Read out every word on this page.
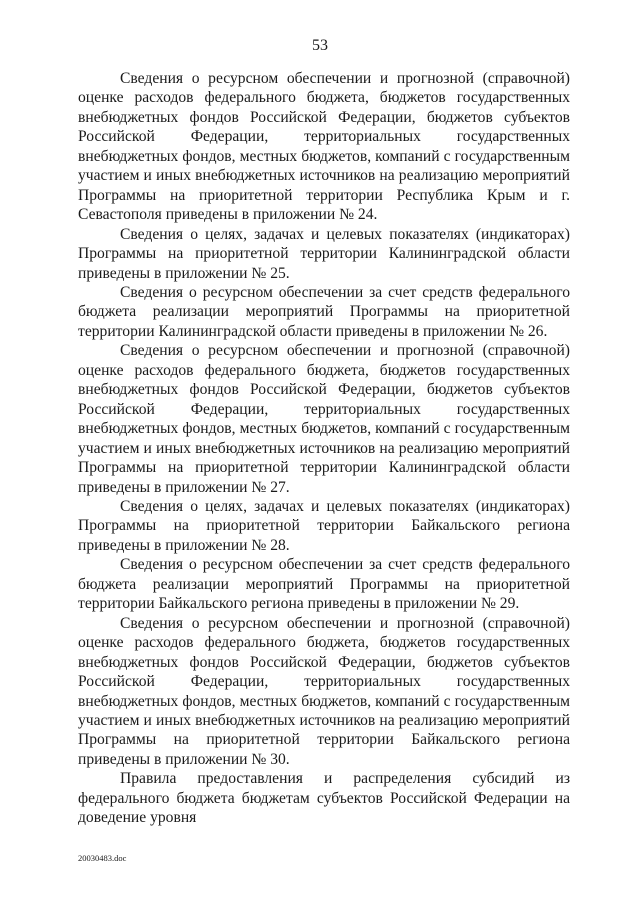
53

Сведения о ресурсном обеспечении и прогнозной (справочной) оценке расходов федерального бюджета, бюджетов государственных внебюджетных фондов Российской Федерации, бюджетов субъектов Российской Федерации, территориальных государственных внебюджетных фондов, местных бюджетов, компаний с государственным участием и иных внебюджетных источников на реализацию мероприятий Программы на приоритетной территории Республика Крым и г. Севастополя приведены в приложении № 24.

Сведения о целях, задачах и целевых показателях (индикаторах) Программы на приоритетной территории Калининградской области приведены в приложении № 25.

Сведения о ресурсном обеспечении за счет средств федерального бюджета реализации мероприятий Программы на приоритетной территории Калининградской области приведены в приложении № 26.

Сведения о ресурсном обеспечении и прогнозной (справочной) оценке расходов федерального бюджета, бюджетов государственных внебюджетных фондов Российской Федерации, бюджетов субъектов Российской Федерации, территориальных государственных внебюджетных фондов, местных бюджетов, компаний с государственным участием и иных внебюджетных источников на реализацию мероприятий Программы на приоритетной территории Калининградской области приведены в приложении № 27.

Сведения о целях, задачах и целевых показателях (индикаторах) Программы на приоритетной территории Байкальского региона приведены в приложении № 28.

Сведения о ресурсном обеспечении за счет средств федерального бюджета реализации мероприятий Программы на приоритетной территории Байкальского региона приведены в приложении № 29.

Сведения о ресурсном обеспечении и прогнозной (справочной) оценке расходов федерального бюджета, бюджетов государственных внебюджетных фондов Российской Федерации, бюджетов субъектов Российской Федерации, территориальных государственных внебюджетных фондов, местных бюджетов, компаний с государственным участием и иных внебюджетных источников на реализацию мероприятий Программы на приоритетной территории Байкальского региона приведены в приложении № 30.

Правила предоставления и распределения субсидий из федерального бюджета бюджетам субъектов Российской Федерации на доведение уровня

20030483.doc
